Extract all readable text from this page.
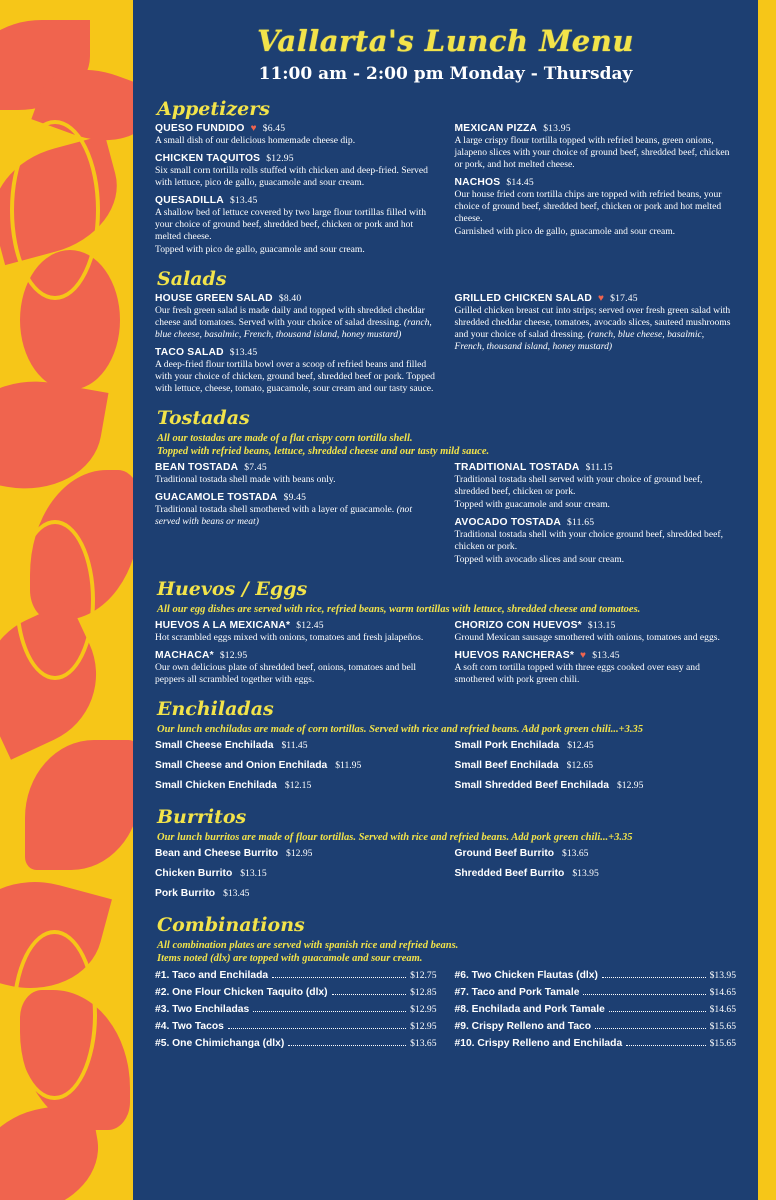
Vallarta's Lunch Menu
11:00 am - 2:00 pm Monday - Thursday
Appetizers
QUESO FUNDIDO ♥ $6.45
A small dish of our delicious homemade cheese dip.
CHICKEN TAQUITOS $12.95
Six small corn tortilla rolls stuffed with chicken and deep-fried. Served with lettuce, pico de gallo, guacamole and sour cream.
QUESADILLA $13.45
A shallow bed of lettuce covered by two large flour tortillas filled with your choice of ground beef, shredded beef, chicken or pork and hot melted cheese.
Topped with pico de gallo, guacamole and sour cream.
MEXICAN PIZZA $13.95
A large crispy flour tortilla topped with refried beans, green onions, jalapeno slices with your choice of ground beef, shredded beef, chicken or pork, and hot melted cheese.
NACHOS $14.45
Our house fried corn tortilla chips are topped with refried beans, your choice of ground beef, shredded beef, chicken or pork and hot melted cheese.
Garnished with pico de gallo, guacamole and sour cream.
Salads
HOUSE GREEN SALAD $8.40
Our fresh green salad is made daily and topped with shredded cheddar cheese and tomatoes. Served with your choice of salad dressing. (ranch, blue cheese, basalmic, French, thousand island, honey mustard)
TACO SALAD $13.45
A deep-fried flour tortilla bowl over a scoop of refried beans and filled with your choice of chicken, ground beef, shredded beef or pork. Topped with lettuce, cheese, tomato, guacamole, sour cream and our tasty sauce.
GRILLED CHICKEN SALAD ♥ $17.45
Grilled chicken breast cut into strips; served over fresh green salad with shredded cheddar cheese, tomatoes, avocado slices, sauteed mushrooms and your choice of salad dressing. (ranch, blue cheese, basalmic, French, thousand island, honey mustard)
Tostadas
All our tostadas are made of a flat crispy corn tortilla shell.
Topped with refried beans, lettuce, shredded cheese and our tasty mild sauce.
BEAN TOSTADA $7.45
Traditional tostada shell made with beans only.
GUACAMOLE TOSTADA $9.45
Traditional tostada shell smothered with a layer of guacamole. (not served with beans or meat)
TRADITIONAL TOSTADA $11.15
Traditional tostada shell served with your choice of ground beef, shredded beef, chicken or pork.
Topped with guacamole and sour cream.
AVOCADO TOSTADA $11.65
Traditional tostada shell with your choice ground beef, shredded beef, chicken or pork.
Topped with avocado slices and sour cream.
Huevos / Eggs
All our egg dishes are served with rice, refried beans, warm tortillas with lettuce, shredded cheese and tomatoes.
HUEVOS A LA MEXICANA* $12.45
Hot scrambled eggs mixed with onions, tomatoes and fresh jalapeños.
MACHACA* $12.95
Our own delicious plate of shredded beef, onions, tomatoes and bell peppers all scrambled together with eggs.
CHORIZO CON HUEVOS* $13.15
Ground Mexican sausage smothered with onions, tomatoes and eggs.
HUEVOS RANCHERAS* ♥ $13.45
A soft corn tortilla topped with three eggs cooked over easy and smothered with pork green chili.
Enchiladas
Our lunch enchiladas are made of corn tortillas. Served with rice and refried beans. Add pork green chili...+3.35
Small Cheese Enchilada $11.45
Small Cheese and Onion Enchilada $11.95
Small Chicken Enchilada $12.15
Small Pork Enchilada $12.45
Small Beef Enchilada $12.65
Small Shredded Beef Enchilada $12.95
Burritos
Our lunch burritos are made of flour tortillas. Served with rice and refried beans. Add pork green chili...+3.35
Bean and Cheese Burrito $12.95
Chicken Burrito $13.15
Pork Burrito $13.45
Ground Beef Burrito $13.65
Shredded Beef Burrito $13.95
Combinations
All combination plates are served with spanish rice and refried beans.
Items noted (dlx) are topped with guacamole and sour cream.
#1. Taco and Enchilada	$12.75
#2. One Flour Chicken Taquito (dlx)	$12.85
#3. Two Enchiladas	$12.95
#4. Two Tacos	$12.95
#5. One Chimichanga (dlx)	$13.65
#6. Two Chicken Flautas (dlx)	$13.95
#7. Taco and Pork Tamale	$14.65
#8. Enchilada and Pork Tamale	$14.65
#9. Crispy Relleno and Taco	$15.65
#10. Crispy Relleno and Enchilada	$15.65
